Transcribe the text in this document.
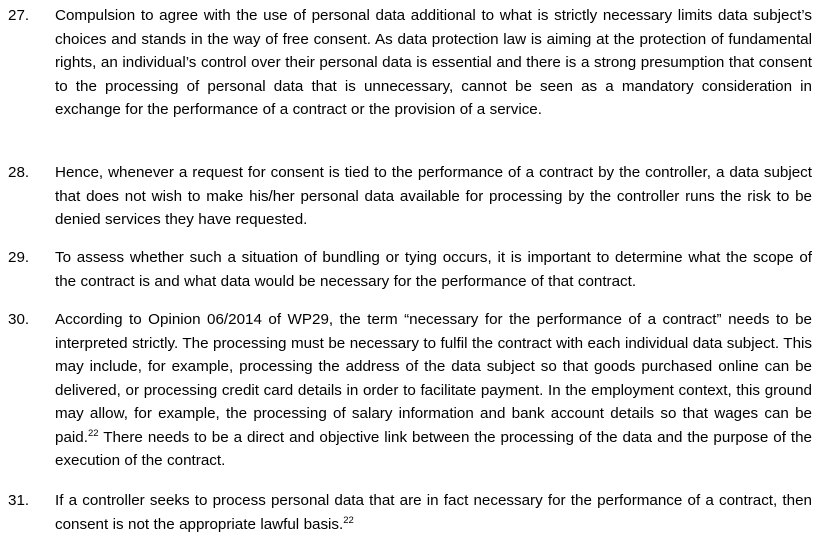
27. Compulsion to agree with the use of personal data additional to what is strictly necessary limits data subject’s choices and stands in the way of free consent. As data protection law is aiming at the protection of fundamental rights, an individual’s control over their personal data is essential and there is a strong presumption that consent to the processing of personal data that is unnecessary, cannot be seen as a mandatory consideration in exchange for the performance of a contract or the provision of a service.
28. Hence, whenever a request for consent is tied to the performance of a contract by the controller, a data subject that does not wish to make his/her personal data available for processing by the controller runs the risk to be denied services they have requested.
29. To assess whether such a situation of bundling or tying occurs, it is important to determine what the scope of the contract is and what data would be necessary for the performance of that contract.
30. According to Opinion 06/2014 of WP29, the term “necessary for the performance of a contract” needs to be interpreted strictly. The processing must be necessary to fulfil the contract with each individual data subject. This may include, for example, processing the address of the data subject so that goods purchased online can be delivered, or processing credit card details in order to facilitate payment. In the employment context, this ground may allow, for example, the processing of salary information and bank account details so that wages can be paid.$^{22}$ There needs to be a direct and objective link between the processing of the data and the purpose of the execution of the contract.
31. If a controller seeks to process personal data that are in fact necessary for the performance of a contract, then consent is not the appropriate lawful basis.$^{22}$
